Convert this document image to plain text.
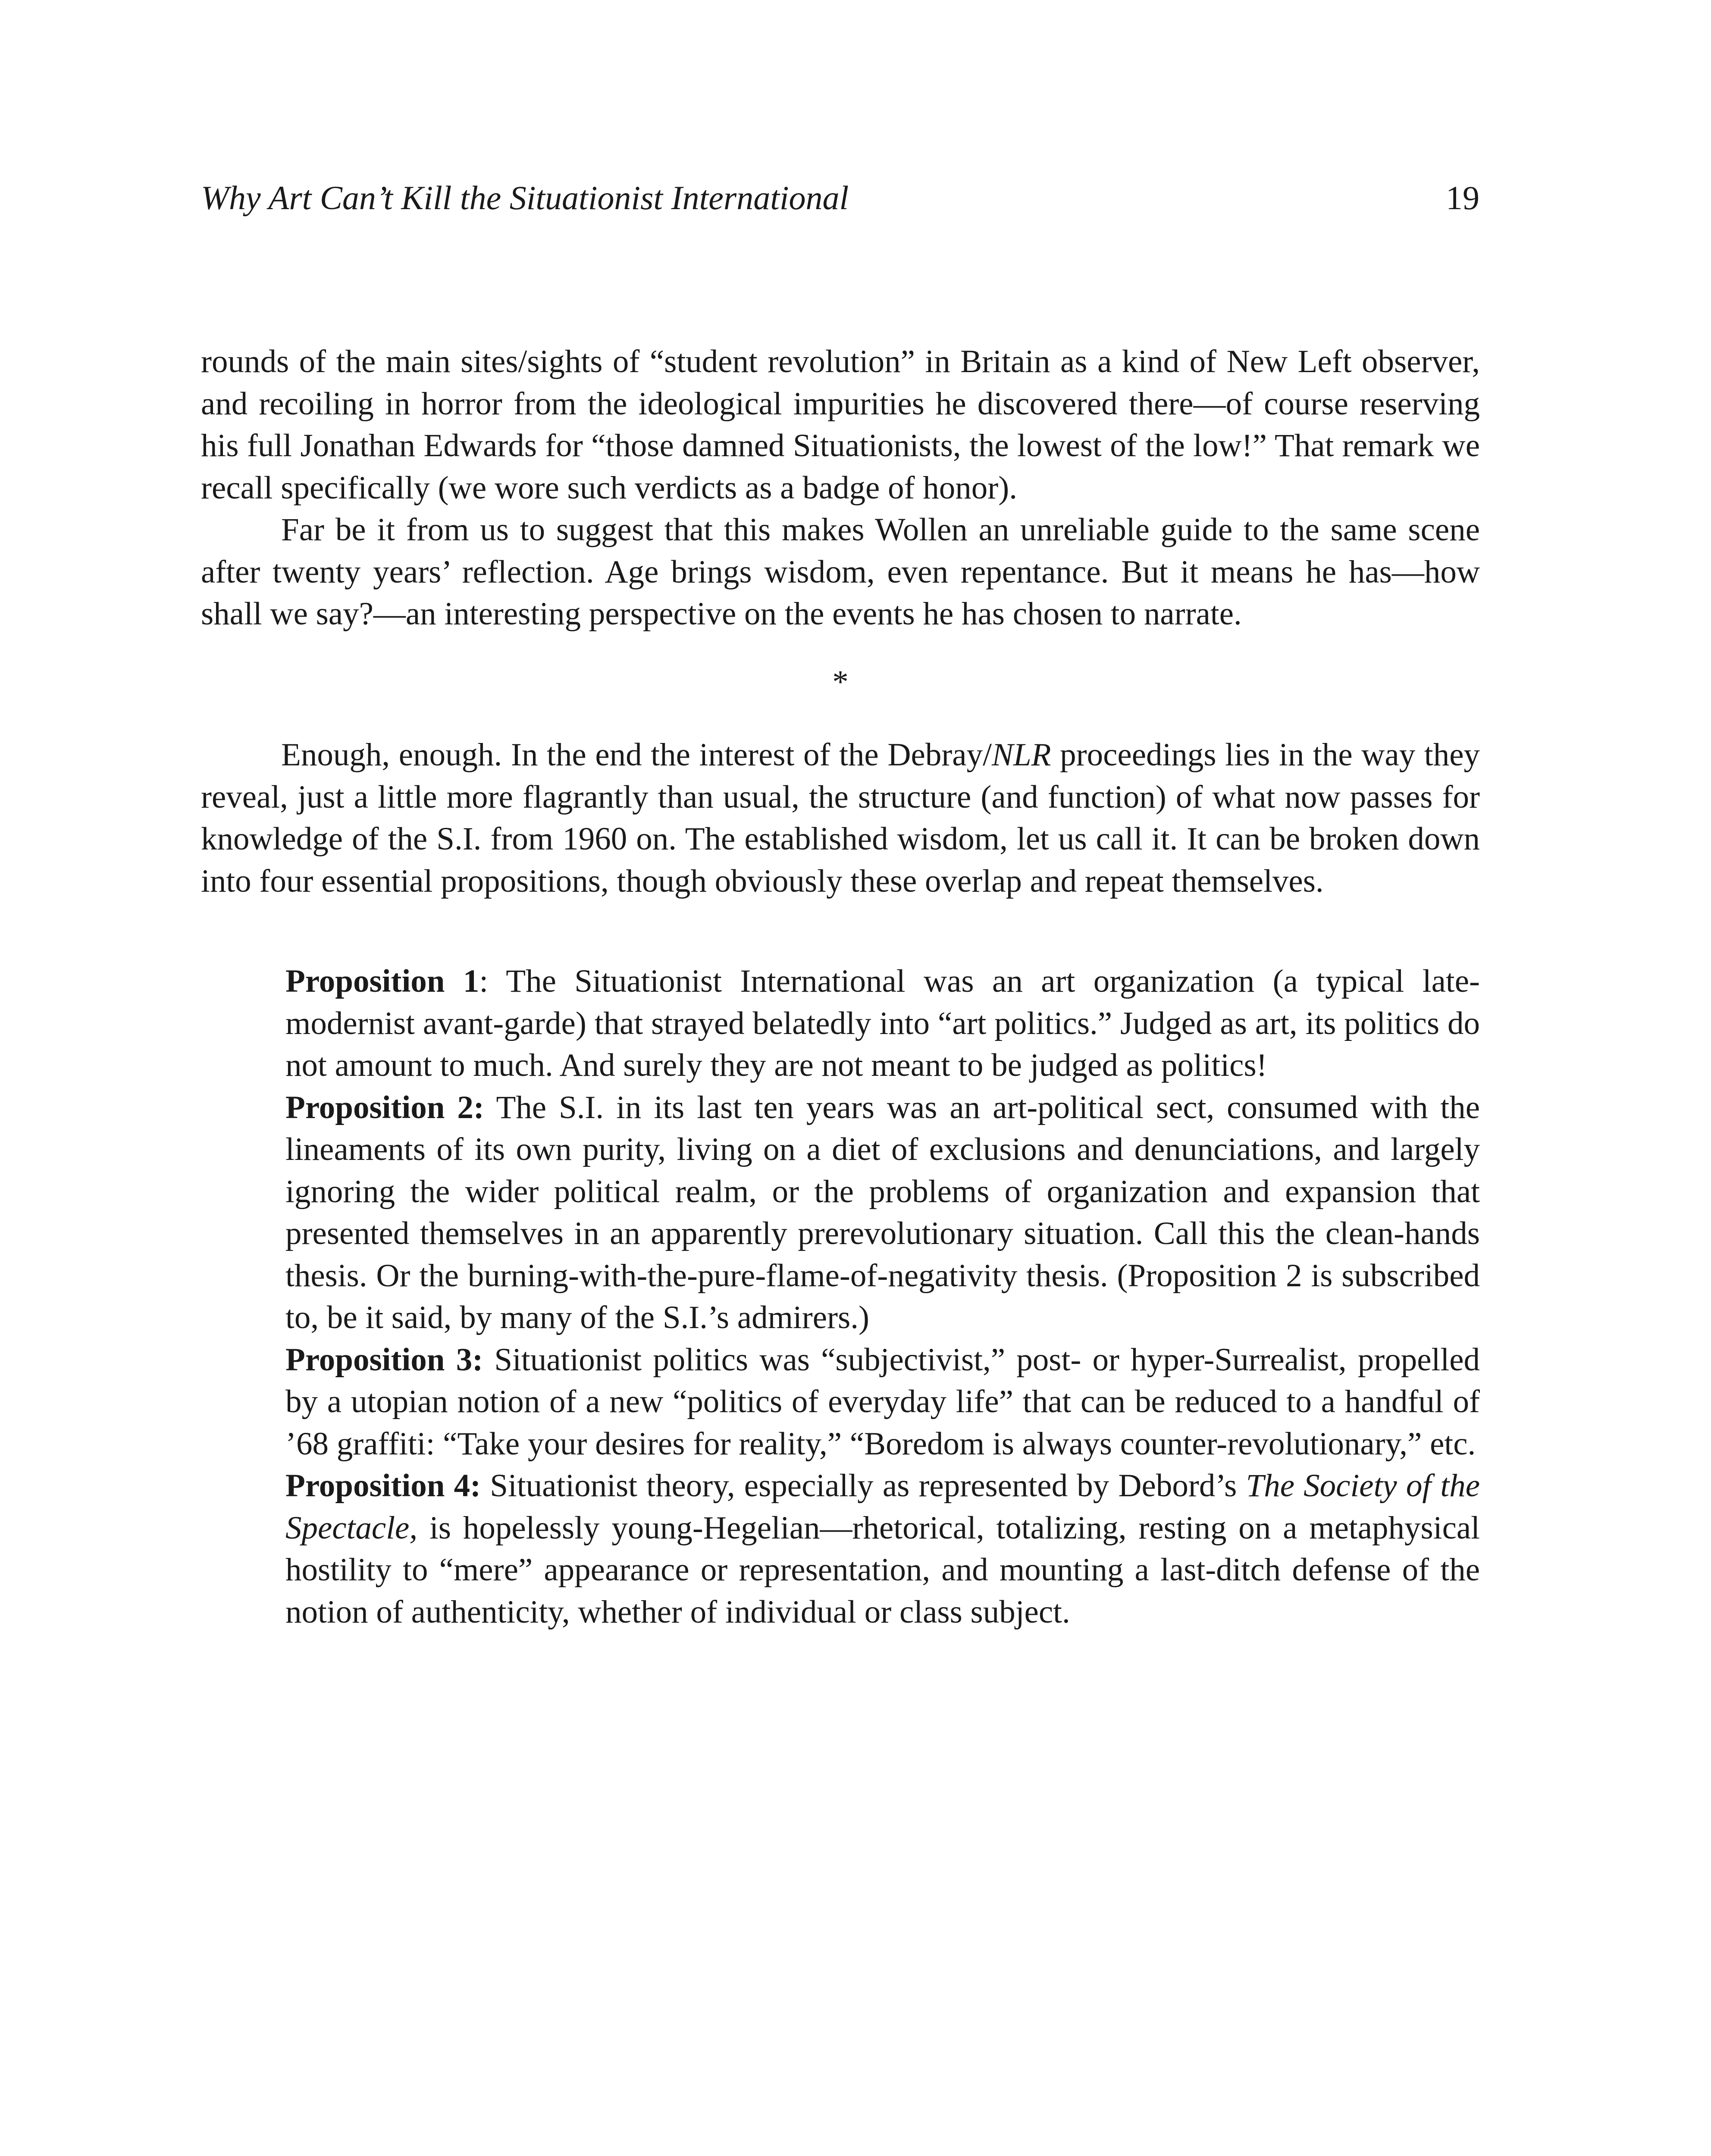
Why Art Can’t Kill the Situationist International	19

rounds of the main sites/sights of “student revolution” in Britain as a kind of New Left observer, and recoiling in horror from the ideological impurities he discovered there—of course reserving his full Jonathan Edwards for “those damned Situationists, the lowest of the low!” That remark we recall specifically (we wore such verdicts as a badge of honor).

Far be it from us to suggest that this makes Wollen an unreliable guide to the same scene after twenty years’ reflection. Age brings wisdom, even repentance. But it means he has—how shall we say?—an interesting perspective on the events he has chosen to narrate.

*

Enough, enough. In the end the interest of the Debray/NLR proceedings lies in the way they reveal, just a little more flagrantly than usual, the structure (and function) of what now passes for knowledge of the S.I. from 1960 on. The established wisdom, let us call it. It can be broken down into four essential propositions, though obviously these overlap and repeat themselves.

Proposition 1: The Situationist International was an art organization (a typical late-modernist avant-garde) that strayed belatedly into “art politics.” Judged as art, its politics do not amount to much. And surely they are not meant to be judged as politics!

Proposition 2: The S.I. in its last ten years was an art-political sect, consumed with the lineaments of its own purity, living on a diet of exclusions and denunciations, and largely ignoring the wider political realm, or the problems of organization and expansion that presented themselves in an apparently prerevolutionary situation. Call this the clean-hands thesis. Or the burning-with-the-pure-flame-of-negativity thesis. (Proposition 2 is subscribed to, be it said, by many of the S.I.’s admirers.)

Proposition 3: Situationist politics was “subjectivist,” post- or hyper-Surrealist, propelled by a utopian notion of a new “politics of everyday life” that can be reduced to a handful of ’68 graffiti: “Take your desires for reality,” “Boredom is always counter-revolutionary,” etc.

Proposition 4: Situationist theory, especially as represented by Debord’s The Society of the Spectacle, is hopelessly young-Hegelian—rhetorical, totalizing, resting on a metaphysical hostility to “mere” appearance or representation, and mounting a last-ditch defense of the notion of authenticity, whether of individual or class subject.
